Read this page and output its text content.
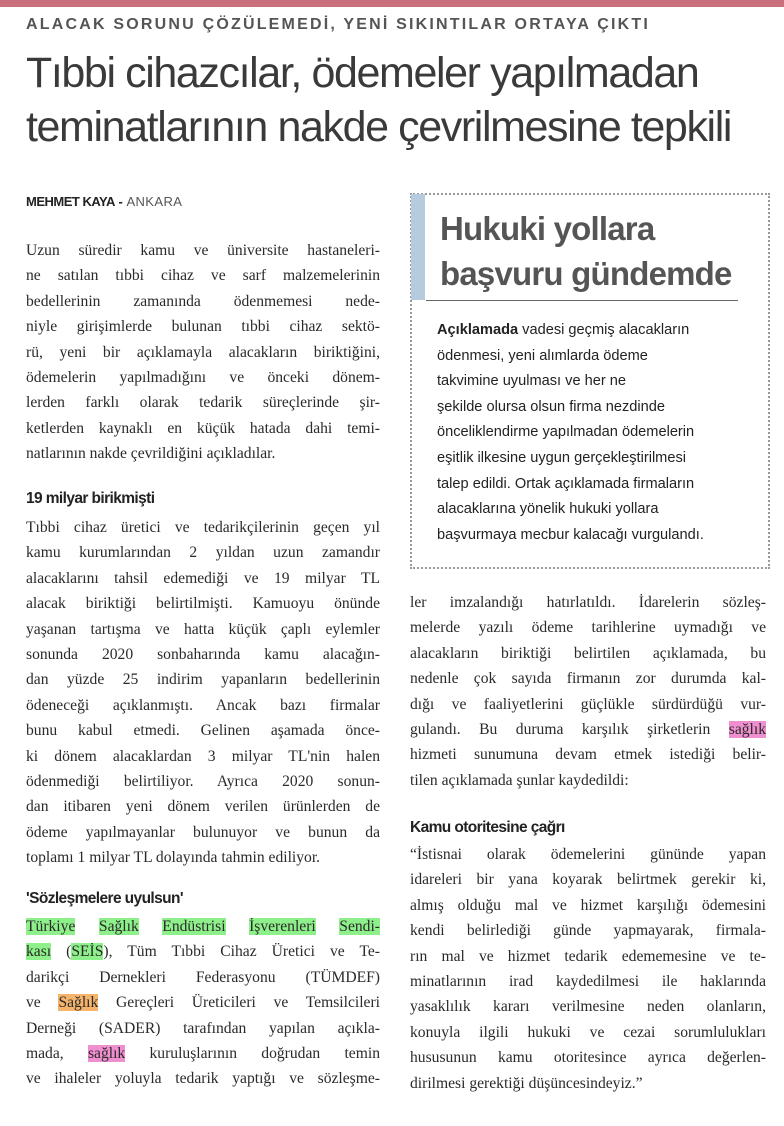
ALACAK SORUNU ÇÖZÜLEMEDİ, YENİ SIKINTILAR ORTAYA ÇIKTI
Tıbbi cihazcılar, ödemeler yapılmadan
teminatlarının nakde çevrilmesine tepkili
MEHMET KAYA - ANKARA
Uzun süredir kamu ve üniversite hastaneleri-
ne satılan tıbbi cihaz ve sarf malzemelerinin
bedellerinin zamanında ödenmemesi nede-
niyle girişimlerde bulunan tıbbi cihaz sektö-
rü, yeni bir açıklamayla alacakların biriktiğini,
ödemelerin yapılmadığını ve önceki dönem-
lerden farklı olarak tedarik süreçlerinde şir-
ketlerden kaynaklı en küçük hatada dahi temi-
natlarının nakde çevrildiğini açıkladılar.
19 milyar birikmişti
Tıbbi cihaz üretici ve tedarikçilerinin geçen yıl
kamu kurumlarından 2 yıldan uzun zamandır
alacaklarını tahsil edemediği ve 19 milyar TL
alacak biriktiği belirtilmişti. Kamuoyu önünde
yaşanan tartışma ve hatta küçük çaplı eylemler
sonunda 2020 sonbaharında kamu alacağın-
dan yüzde 25 indirim yapanların bedellerinin
ödeneceği açıklanmıştı. Ancak bazı firmalar
bunu kabul etmedi. Gelinen aşamada önce-
ki dönem alacaklardan 3 milyar TL'nin halen
ödenmediği belirtiliyor. Ayrıca 2020 sonun-
dan itibaren yeni dönem verilen ürünlerden de
ödeme yapılmayanlar bulunuyor ve bunun da
toplamı 1 milyar TL dolayında tahmin ediliyor.
'Sözleşmelere uyulsun'
Türkiye Sağlık Endüstrisi İşverenleri Sendi-
kası (SEİS), Tüm Tıbbi Cihaz Üretici ve Te-
darikçi Dernekleri Federasyonu (TÜMDEF)
ve Sağlık Gereçleri Üreticileri ve Temsilcileri
Derneği (SADER) tarafından yapılan açıkla-
mada, sağlık kuruluşlarının doğrudan temin
ve ihaleler yoluyla tedarik yaptığı ve sözleşme-
Hukuki yollara
başvuru gündemde
Açıklamada vadesi geçmiş alacakların
ödenmesi, yeni alımlarda ödeme
takvimine uyulması ve her ne
şekilde olursa olsun firma nezdinde
önceliklendirme yapılmadan ödemelerin
eşitlik ilkesine uygun gerçekleştirilmesi
talep edildi. Ortak açıklamada firmaların
alacaklarına yönelik hukuki yollara
başvurmaya mecbur kalacağı vurgulandı.
ler imzalandığı hatırlatıldı. İdarelerin sözleş-
melerde yazılı ödeme tarihlerine uymadığı ve
alacakların biriktiği belirtilen açıklamada, bu
nedenle çok sayıda firmanın zor durumda kal-
dığı ve faaliyetlerini güçlükle sürdürdüğü vur-
gulandı. Bu duruma karşılık şirketlerin sağlık
hizmeti sunumuna devam etmek istediği belir-
tilen açıklamada şunlar kaydedildi:
Kamu otoritesine çağrı
“İstisnai olarak ödemelerini gününde yapan
idareleri bir yana koyarak belirtmek gerekir ki,
almış olduğu mal ve hizmet karşılığı ödemesini
kendi belirlediği günde yapmayarak, firmala-
rın mal ve hizmet tedarik edememesine ve te-
minatlarının irad kaydedilmesi ile haklarında
yasaklılık kararı verilmesine neden olanların,
konuyla ilgili hukuki ve cezai sorumlulukları
hususunun kamu otoritesince ayrıca değerlen-
dirilmesi gerektiği düşüncesindeyiz.”
